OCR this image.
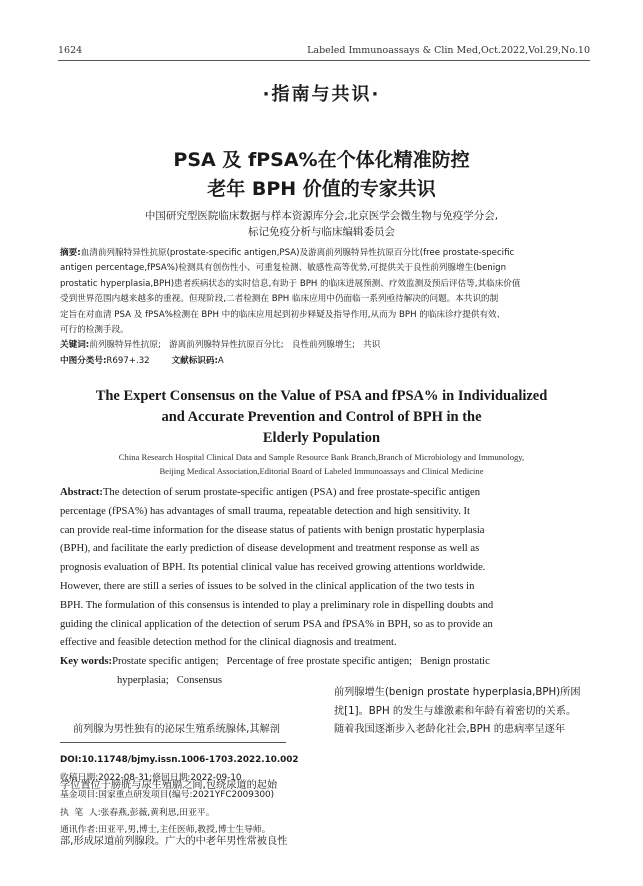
1624	Labeled Immunoassays & Clin Med,Oct.2022,Vol.29,No.10
·指南与共识·
PSA 及 fPSA%在个体化精准防控
老年 BPH 价值的专家共识
中国研究型医院临床数据与样本资源库分会,北京医学会微生物与免疫学分会,
标记免疫分析与临床编辑委员会
摘要:血清前列腺特异性抗原(prostate-specific antigen,PSA)及游离前列腺特异性抗原百分比(free prostate-specific
antigen percentage,fPSA%)检测具有创伤性小、可重复检测、敏感性高等优势,可提供关于良性前列腺增生(benign
prostatic hyperplasia,BPH)患者疾病状态的实时信息,有助于 BPH 的临床进展预测、疗效监测及预后评估等,其临床价值
受到世界范围内越来越多的重视。但现阶段,二者检测在 BPH 临床应用中仍面临一系列亟待解决的问题。本共识的制
定旨在对血清 PSA 及 fPSA%检测在 BPH 中的临床应用起到初步释疑及指导作用,从而为 BPH 的临床诊疗提供有效、
可行的检测手段。
关键词:前列腺特异性抗原;   游离前列腺特异性抗原百分比;   良性前列腺增生;   共识
中图分类号:R697+.32	文献标识码:A
The Expert Consensus on the Value of PSA and fPSA% in Individualized
and Accurate Prevention and Control of BPH in the
Elderly Population
China Research Hospital Clinical Data and Sample Resource Bank Branch,Branch of Microbiology and Immunology,
Beijing Medical Association,Editorial Board of Labeled Immunoassays and Clinical Medicine
Abstract:The detection of serum prostate-specific antigen (PSA) and free prostate-specific antigen
percentage (fPSA%) has advantages of small trauma, repeatable detection and high sensitivity. It
can provide real-time information for the disease status of patients with benign prostatic hyperplasia
(BPH), and facilitate the early prediction of disease development and treatment response as well as
prognosis evaluation of BPH. Its potential clinical value has received growing attentions worldwide.
However, there are still a series of issues to be solved in the clinical application of the two tests in
BPH. The formulation of this consensus is intended to play a preliminary role in dispelling doubts and
guiding the clinical application of the detection of serum PSA and fPSA% in BPH, so as to provide an
effective and feasible detection method for the clinical diagnosis and treatment.
Key words:Prostate specific antigen;   Percentage of free prostate specific antigen;   Benign prostatic
hyperplasia;   Consensus

前列腺为男性独有的泌尿生殖系统腺体,其解剖

学位置位于膀胱与尿生殖膈之间,包绕尿道的起始

部,形成尿道前列腺段。广大的中老年男性常被良性

前列腺增生(benign prostate hyperplasia,BPH)所困
扰[1]。BPH 的发生与雄激素和年龄有着密切的关系。
随着我国逐渐步入老龄化社会,BPH 的患病率呈逐年
DOI:10.11748/bjmy.issn.1006-1703.2022.10.002
收稿日期:2022-08-31;修回日期:2022-09-10
基金项目:国家重点研发项目(编号:2021YFC2009300)
执  笔  人:张春燕,彭薇,黄利思,田亚平。
通讯作者:田亚平,男,博士,主任医师,教授,博士生导师。
